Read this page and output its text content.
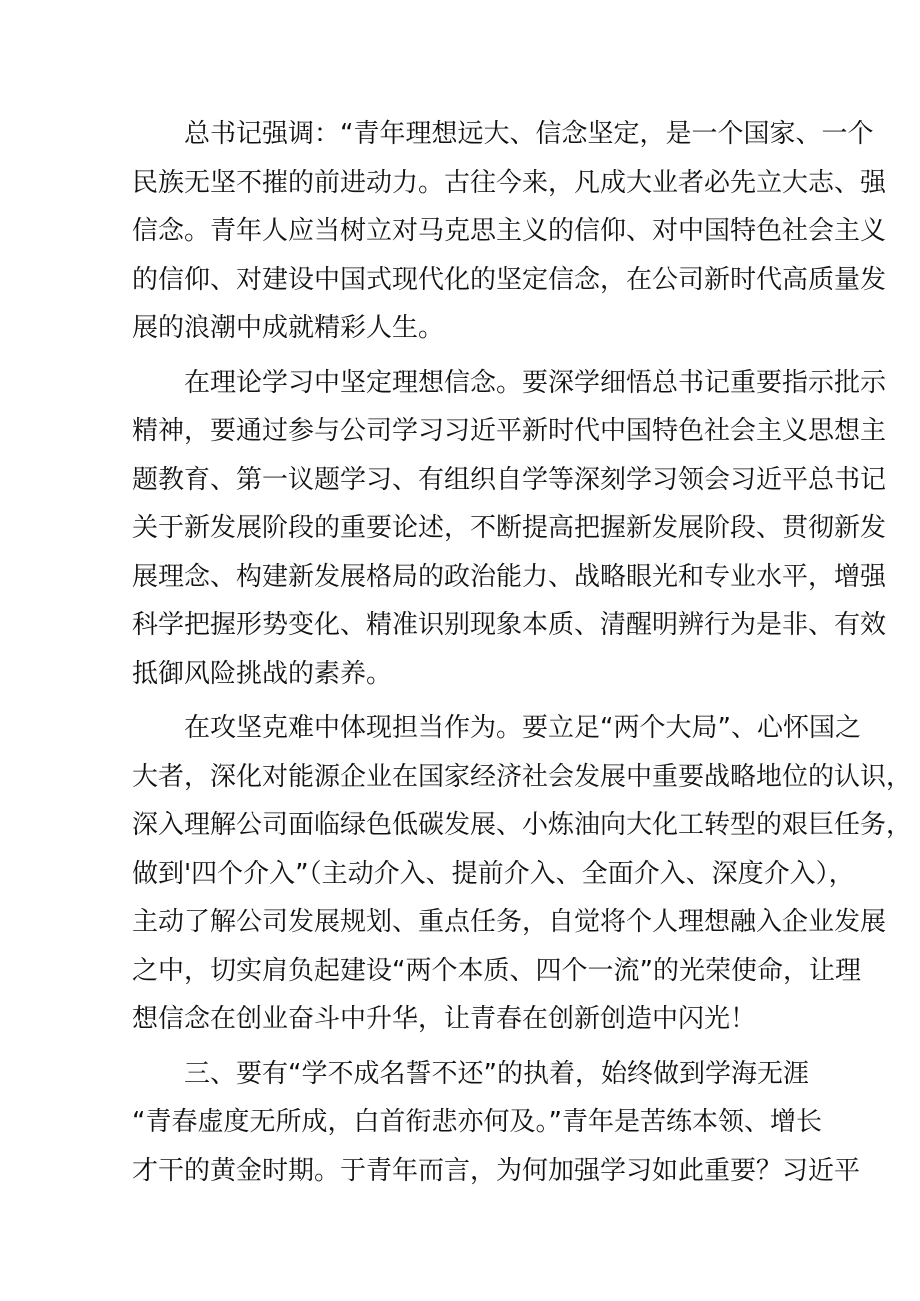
总书记强调：“青年理想远大、信念坚定，是一个国家、一个
民族无坚不摧的前进动力。古往今来，凡成大业者必先立大志、强
信念。青年人应当树立对马克思主义的信仰、对中国特色社会主义
的信仰、对建设中国式现代化的坚定信念，在公司新时代高质量发
展的浪潮中成就精彩人生。
在理论学习中坚定理想信念。要深学细悟总书记重要指示批示
精神，要通过参与公司学习习近平新时代中国特色社会主义思想主
题教育、第一议题学习、有组织自学等深刻学习领会习近平总书记
关于新发展阶段的重要论述，不断提高把握新发展阶段、贯彻新发
展理念、构建新发展格局的政治能力、战略眼光和专业水平，增强
科学把握形势变化、精准识别现象本质、清醒明辨行为是非、有效
抵御风险挑战的素养。
在攻坚克难中体现担当作为。要立足“两个大局”、心怀国之
大者，深化对能源企业在国家经济社会发展中重要战略地位的认识，
深入理解公司面临绿色低碳发展、小炼油向大化工转型的艰巨任务，
做到'四个介入”（主动介入、提前介入、全面介入、深度介入），
主动了解公司发展规划、重点任务，自觉将个人理想融入企业发展
之中，切实肩负起建设“两个本质、四个一流”的光荣使命，让理
想信念在创业奋斗中升华，让青春在创新创造中闪光！
三、要有“学不成名誓不还”的执着，始终做到学海无涯
“青春虚度无所成，白首衔悲亦何及。”青年是苦练本领、增长
才干的黄金时期。于青年而言，为何加强学习如此重要？习近平
